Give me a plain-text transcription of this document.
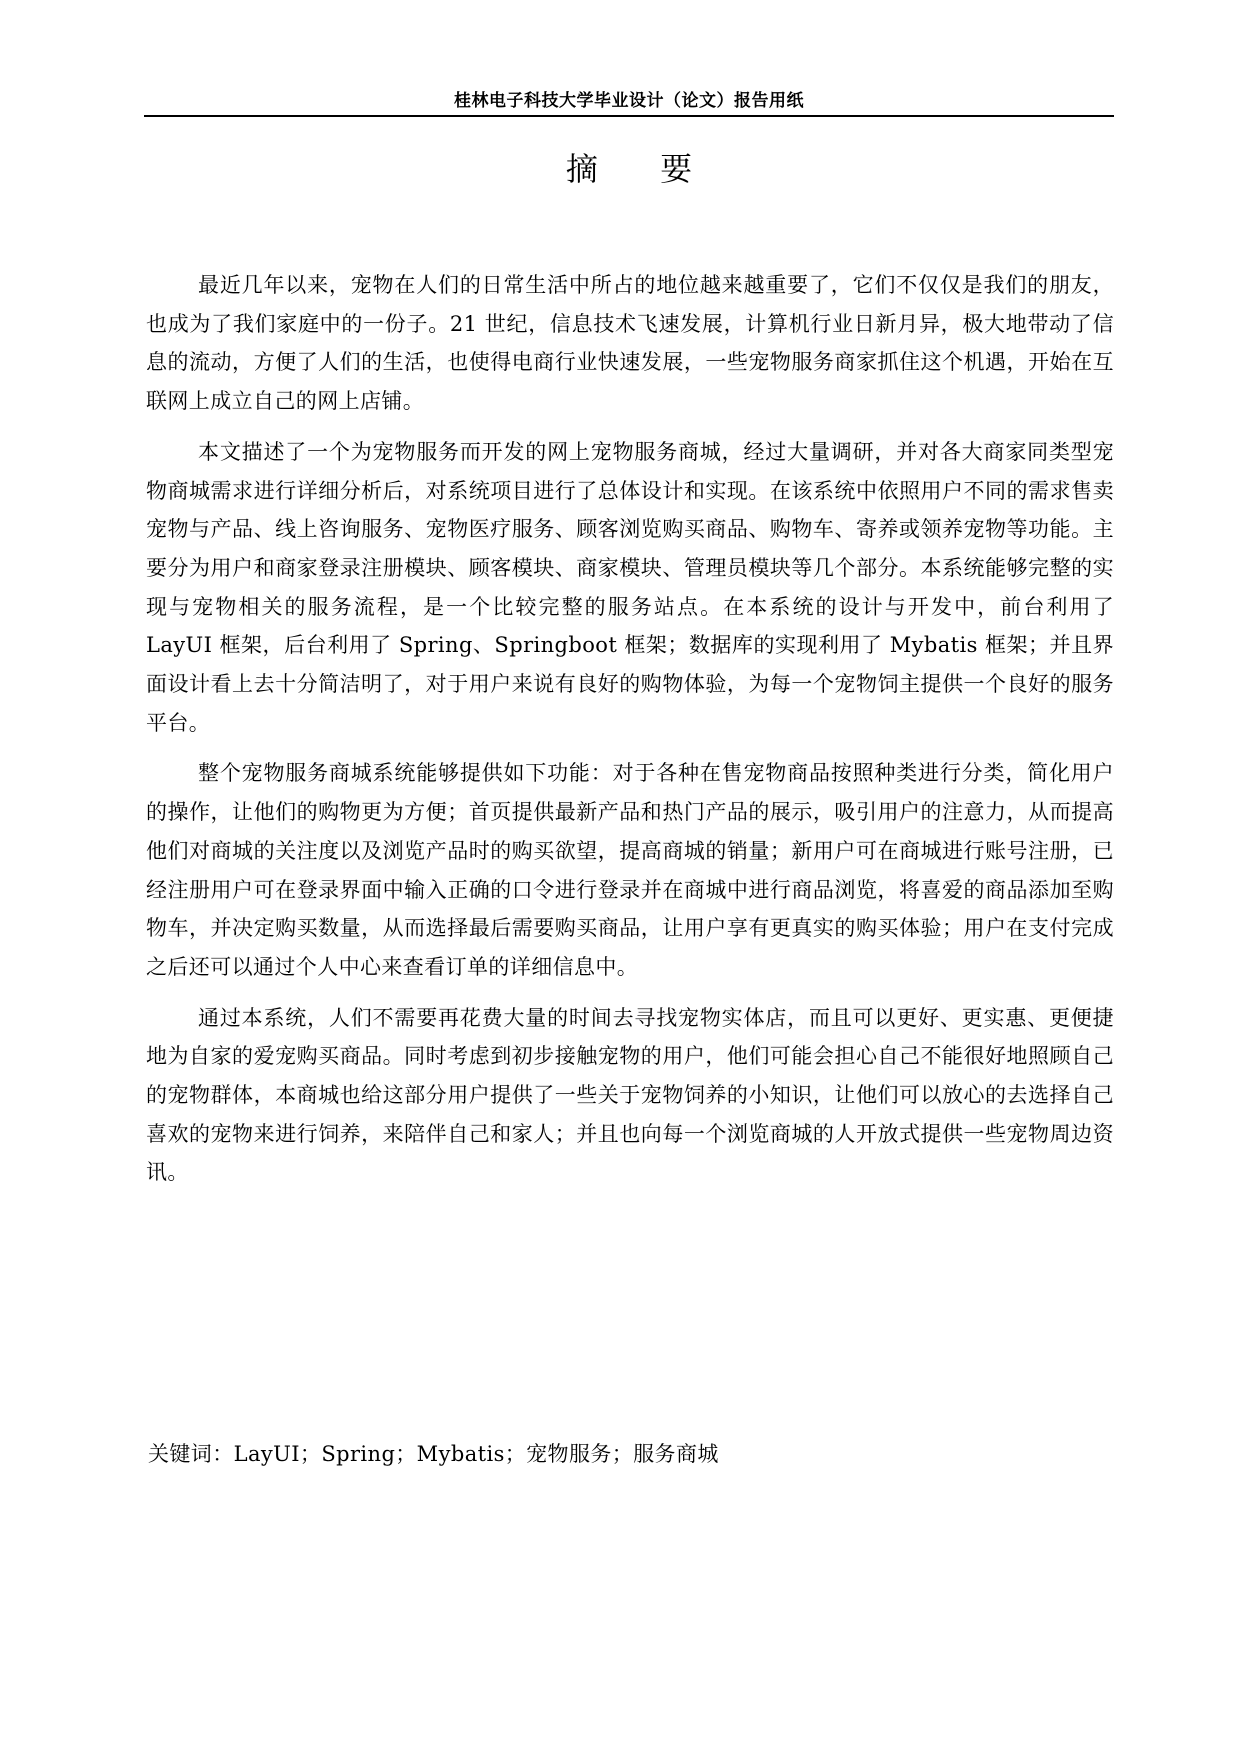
桂林电子科技大学毕业设计（论文）报告用纸
摘 要

最近几年以来，宠物在人们的日常生活中所占的地位越来越重要了，它们不仅仅是我们的朋友，也成为了我们家庭中的一份子。21 世纪，信息技术飞速发展，计算机行业日新月异，极大地带动了信息的流动，方便了人们的生活，也使得电商行业快速发展，一些宠物服务商家抓住这个机遇，开始在互联网上成立自己的网上店铺。

本文描述了一个为宠物服务而开发的网上宠物服务商城，经过大量调研，并对各大商家同类型宠物商城需求进行详细分析后，对系统项目进行了总体设计和实现。在该系统中依照用户不同的需求售卖宠物与产品、线上咨询服务、宠物医疗服务、顾客浏览购买商品、购物车、寄养或领养宠物等功能。主要分为用户和商家登录注册模块、顾客模块、商家模块、管理员模块等几个部分。本系统能够完整的实现与宠物相关的服务流程，是一个比较完整的服务站点。在本系统的设计与开发中，前台利用了 LayUI 框架，后台利用了 Spring、Springboot 框架；数据库的实现利用了 Mybatis 框架；并且界面设计看上去十分简洁明了，对于用户来说有良好的购物体验，为每一个宠物饲主提供一个良好的服务平台。

整个宠物服务商城系统能够提供如下功能：对于各种在售宠物商品按照种类进行分类，简化用户的操作，让他们的购物更为方便；首页提供最新产品和热门产品的展示，吸引用户的注意力，从而提高他们对商城的关注度以及浏览产品时的购买欲望，提高商城的销量；新用户可在商城进行账号注册，已经注册用户可在登录界面中输入正确的口令进行登录并在商城中进行商品浏览，将喜爱的商品添加至购物车，并决定购买数量，从而选择最后需要购买商品，让用户享有更真实的购买体验；用户在支付完成之后还可以通过个人中心来查看订单的详细信息中。

通过本系统，人们不需要再花费大量的时间去寻找宠物实体店，而且可以更好、更实惠、更便捷地为自家的爱宠购买商品。同时考虑到初步接触宠物的用户，他们可能会担心自己不能很好地照顾自己的宠物群体，本商城也给这部分用户提供了一些关于宠物饲养的小知识，让他们可以放心的去选择自己喜欢的宠物来进行饲养，来陪伴自己和家人；并且也向每一个浏览商城的人开放式提供一些宠物周边资讯。

关键词：LayUI；Spring；Mybatis；宠物服务；服务商城
